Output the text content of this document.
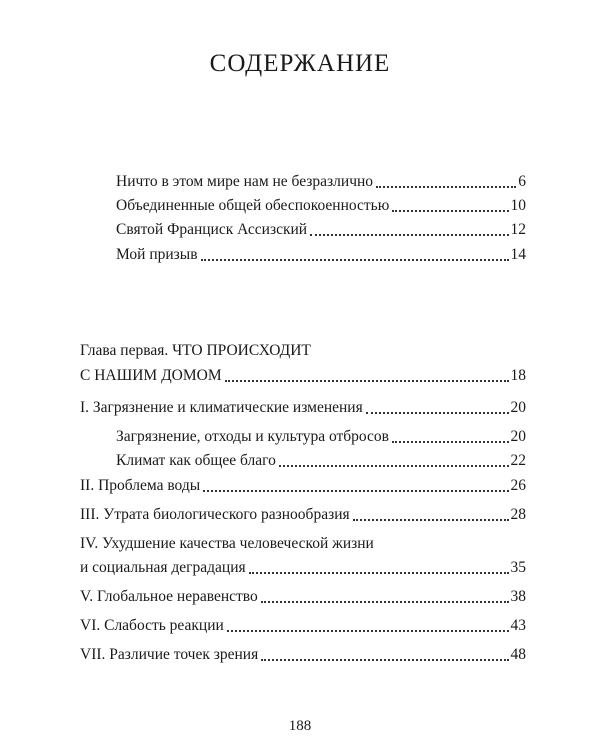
СОДЕРЖАНИЕ
Ничто в этом мире нам не безразлично	6
Объединенные общей обеспокоенностью	10
Святой Франциск Ассизский	12
Мой призыв	14
Глава первая. ЧТО ПРОИСХОДИТ
С НАШИМ ДОМОМ	18
I. Загрязнение и климатические изменения	20
Загрязнение, отходы и культура отбросов	20
Климат как общее благо	22
II. Проблема воды	26
III. Утрата биологического разнообразия	28
IV. Ухудшение качества человеческой жизни
и социальная деградация	35
V. Глобальное неравенство	38
VI. Слабость реакции	43
VII. Различие точек зрения	48
188
